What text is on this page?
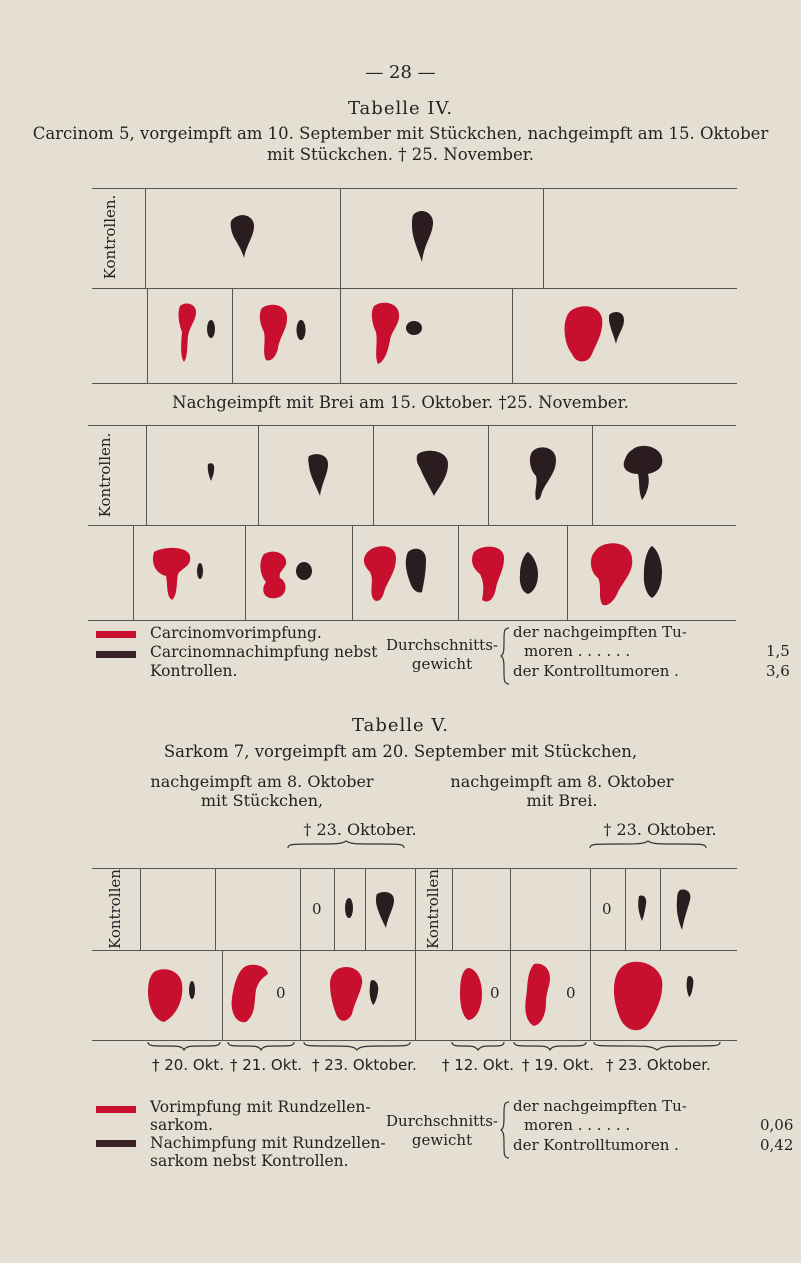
— 28 —
Tabelle IV.
Carcinom 5, vorgeimpft am 10. September mit Stückchen, nachgeimpft am 15. Oktober
mit Stückchen. † 25. November.
Kontrollen.
Nachgeimpft mit Brei am 15. Oktober. †25. November.
Kontrollen.
Carcinomvorimpfung.
Carcinomnachimpfung nebst
Kontrollen.
Durchschnitts-
gewicht
der nachgeimpften Tu-
moren . . . . . .	1,5
der Kontrolltumoren .	3,6
Tabelle V.
Sarkom 7, vorgeimpft am 20. September mit Stückchen,
nachgeimpft am 8. Oktober
mit Stückchen,
nachgeimpft am 8. Oktober
mit Brei.
† 23. Oktober.	† 23. Oktober.
Kontrollen	Kontrollen
0	0
0	0	0
† 20. Okt. † 21. Okt. † 23. Oktober. † 12. Okt. † 19. Okt. † 23. Oktober.
Vorimpfung mit Rundzellen-
sarkom.
Nachimpfung mit Rundzellen-
sarkom nebst Kontrollen.
Durchschnitts-
gewicht
der nachgeimpften Tu-
moren . . . . . .	0,06
der Kontrolltumoren .	0,42
